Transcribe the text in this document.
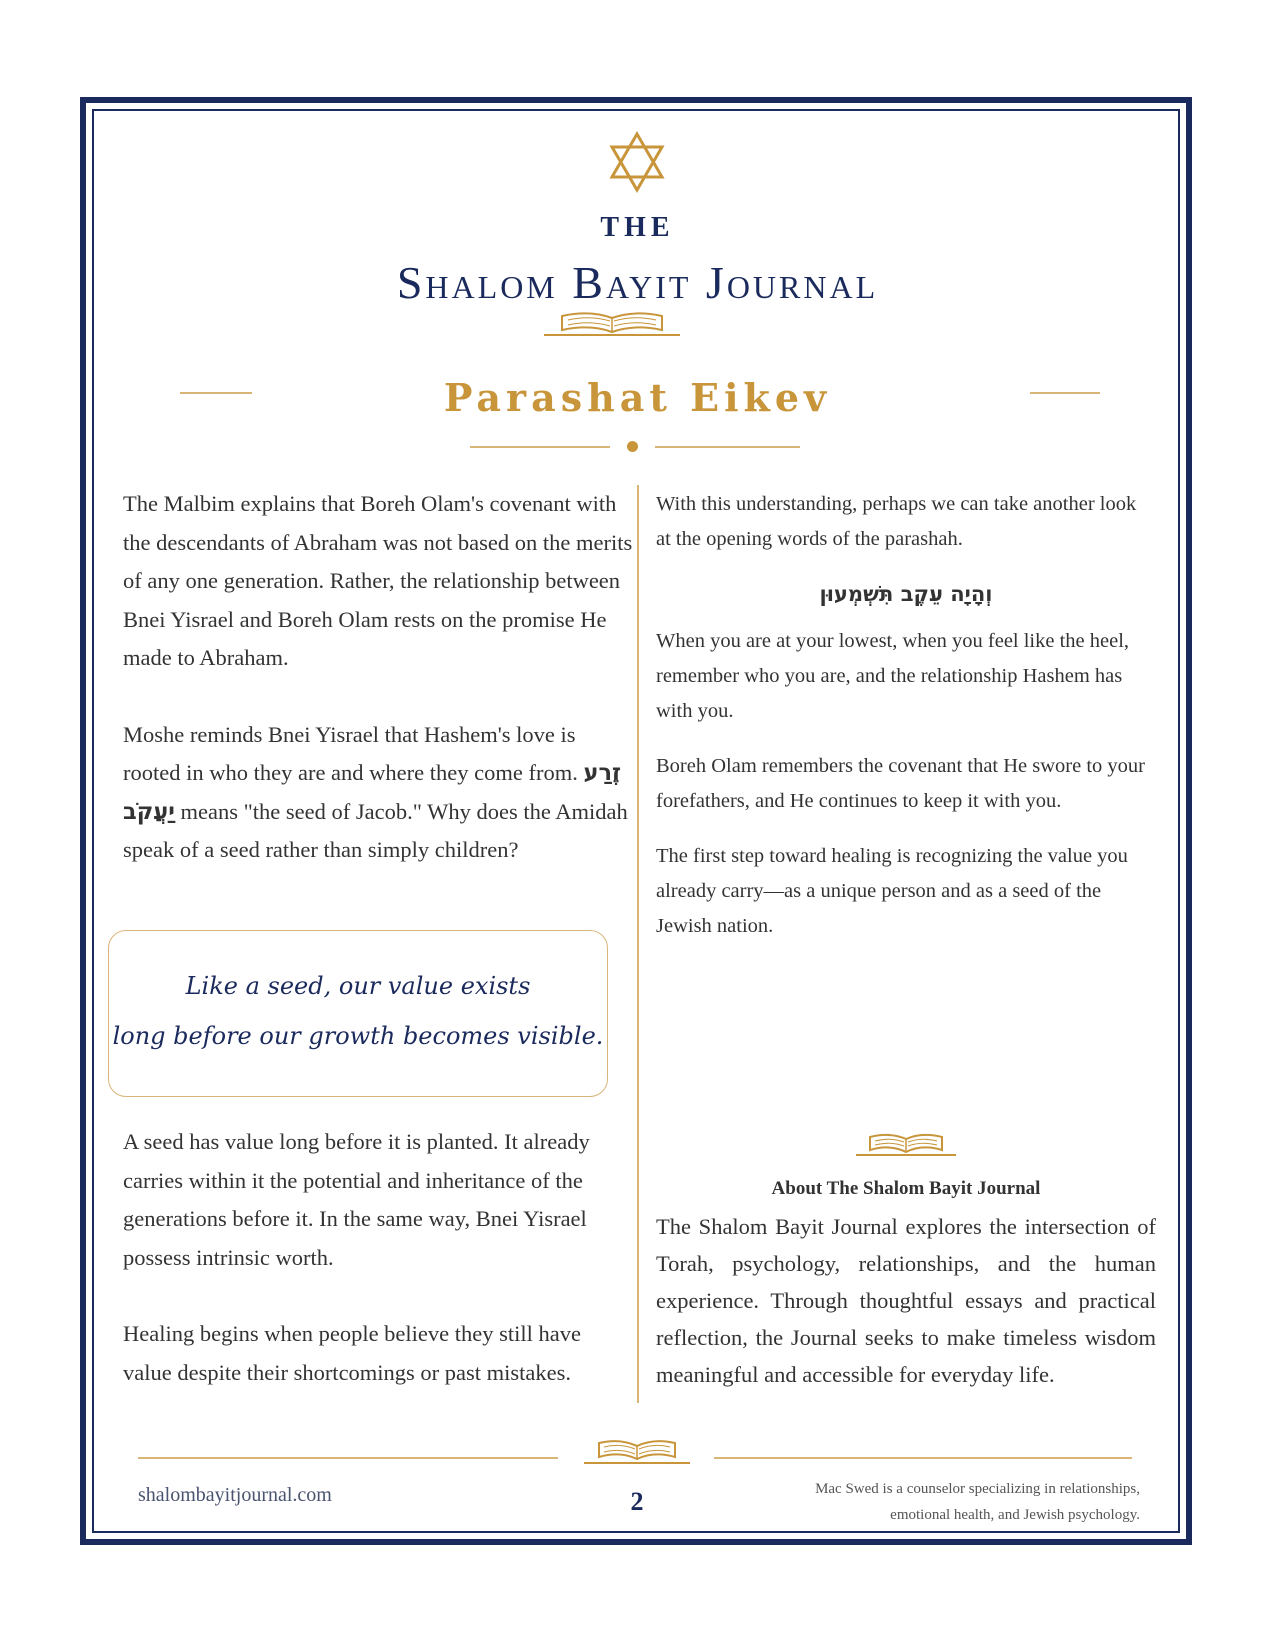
THE
Shalom Bayit Journal
Parashat Eikev

The Malbim explains that Boreh Olam's covenant with the descendants of Abraham was not based on the merits of any one generation. Rather, the relationship between Bnei Yisrael and Boreh Olam rests on the promise He made to Abraham.

Moshe reminds Bnei Yisrael that Hashem's love is rooted in who they are and where they come from. זֶרַע יַעֲקֹב means "the seed of Jacob." Why does the Amidah speak of a seed rather than simply children?

Like a seed, our value exists
long before our growth becomes visible.

A seed has value long before it is planted. It already carries within it the potential and inheritance of the generations before it. In the same way, Bnei Yisrael possess intrinsic worth.

Healing begins when people believe they still have value despite their shortcomings or past mistakes.

With this understanding, perhaps we can take another look at the opening words of the parashah.

וְהָיָה עֵקֶב תִּשְׁמְעוּן

When you are at your lowest, when you feel like the heel, remember who you are, and the relationship Hashem has with you.

Boreh Olam remembers the covenant that He swore to your forefathers, and He continues to keep it with you.

The first step toward healing is recognizing the value you already carry—as a unique person and as a seed of the Jewish nation.

About The Shalom Bayit Journal
The Shalom Bayit Journal explores the intersection of Torah, psychology, relationships, and the human experience. Through thoughtful essays and practical reflection, the Journal seeks to make timeless wisdom meaningful and accessible for everyday life.
shalombayitjournal.com	2	Mac Swed is a counselor specializing in relationships,
emotional health, and Jewish psychology.
